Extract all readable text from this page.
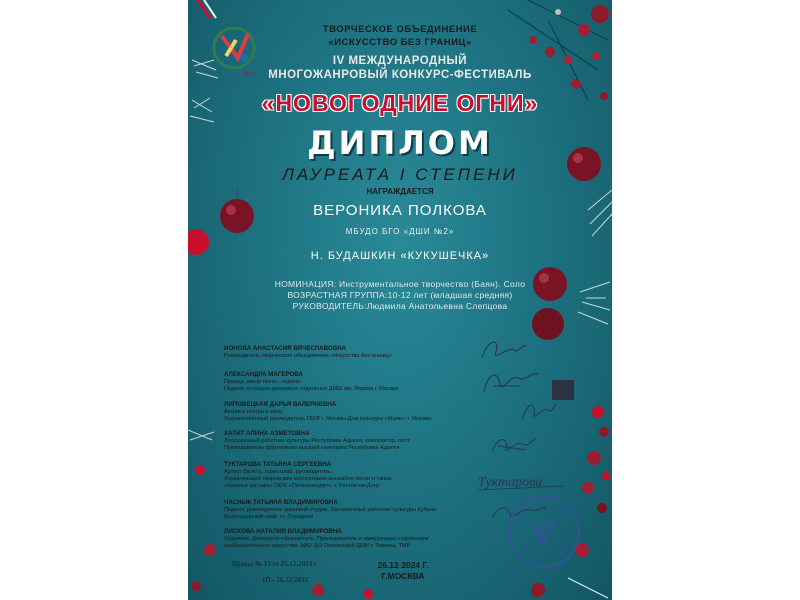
БЕЗ

ТВОРЧЕСКОЕ ОБЪЕДИНЕНИЕ

«ИСКУССТВО БЕЗ ГРАНИЦ»

IV МЕЖДУНАРОДНЫЙ

МНОГОЖАНРОВЫЙ КОНКУРС-ФЕСТИВАЛЬ

«НОВОГОДНИЕ ОГНИ»

ДИПЛОМ

ЛАУРЕАТА I СТЕПЕНИ

НАГРАЖДАЕТСЯ

ВЕРОНИКА ПОЛКОВА

МБУДО БГО «ДШИ №2»

Н. БУДАШКИН «КУКУШЕЧКА»

НОМИНАЦИЯ: Инструментальное творчество (Баян). Соло
ВОЗРАСТНАЯ ГРУППА:10-12 лет (младшая средняя)
РУКОВОДИТЕЛЬ:Людмила Анатольевна Слепцова
ИОНОВА АНАСТАСИЯ ВЯЧЕСЛАВОВНА
Руководитель творческого объединения «Искусство без границ»
АЛЕКСАНДРА МАГЕРОВА
Певица, автор песен, педагог.
Педагог эстрадно-джазового отделения ДМШ им. Лядова.г. Москва
ЛИПОВЕЦКАЯ ДАРЬЯ ВАЛЕРИЕВНА
Актриса театра и кино.
Художественный руководитель ГБУК г. Москвы Дом культуры «Маяк». г. Москва
ХАТИТ АЛИНА АЗМЕТОВНА
Заслуженный работник культуры Республики Адыгея, композитор, поэт.
Преподаватель фортепиано высшей категории.Республика Адыгея
ТУКТАРОВА ТАТЬЯНА СЕРГЕЕВНА
Артист балета, хореограф, руководитель.
Управляющий творческим коллективом ансамбля песни и танца
«Казачья застава» ГАУК «Пензаконцерт». г. Ростов-на-Дону
ЧАСНЫК ТАТЬЯНА ВЛАДИМИРОВНА
Педагог, руководитель цирковой студии. Заслуженный работник культуры Кубани
Краснодарский край. ст. Отрадная
ЛИСКОВА НАТАЛИЯ ВЛАДИМИРОВНА
Художник. Декоратор-оформитель. Преподаватель и заведующая отделением
изобразительного искусства. МАУ ДО Онохинской ДШИ г. Тюмень, ТМР
Туктарова
Приказ № 13 от 25.12.2024 г.
1П - 26.12.2433
26.12 2024 Г.
Г.МОСКВА
